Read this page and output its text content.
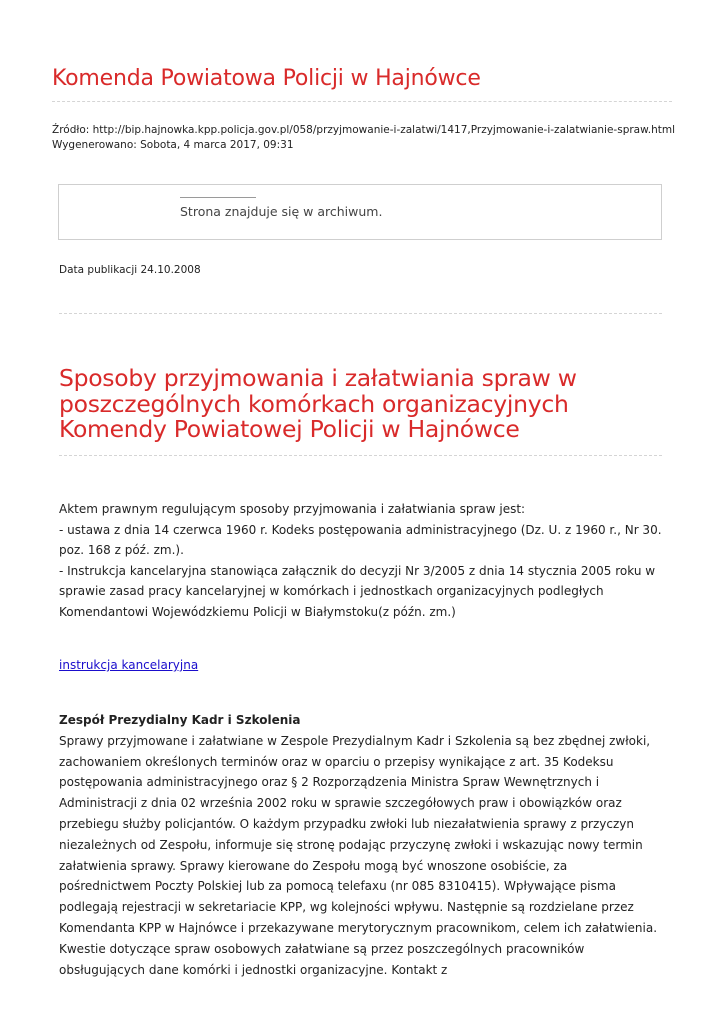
Komenda Powiatowa Policji w Hajnówce
Źródło: http://bip.hajnowka.kpp.policja.gov.pl/058/przyjmowanie-i-zalatwi/1417,Przyjmowanie-i-zalatwianie-spraw.html
Wygenerowano: Sobota, 4 marca 2017, 09:31
Strona znajduje się w archiwum.
Data publikacji 24.10.2008
Sposoby przyjmowania i załatwiania spraw w poszczególnych komórkach organizacyjnych Komendy Powiatowej Policji w Hajnówce

Aktem prawnym regulującym sposoby przyjmowania i załatwiania spraw jest:

- ustawa z dnia 14 czerwca 1960 r. Kodeks postępowania administracyjnego (Dz. U. z 1960 r., Nr 30. poz. 168 z póź. zm.).

- Instrukcja kancelaryjna stanowiąca załącznik do decyzji Nr 3/2005 z dnia 14 stycznia 2005 roku w sprawie zasad pracy kancelaryjnej w komórkach i jednostkach organizacyjnych podległych Komendantowi Wojewódzkiemu Policji w Białymstoku(z późn. zm.)

instrukcja kancelaryjna
Zespół Prezydialny Kadr i Szkolenia

Sprawy przyjmowane i załatwiane w Zespole Prezydialnym Kadr i Szkolenia są bez zbędnej zwłoki, zachowaniem określonych terminów oraz w oparciu o przepisy wynikające z art. 35 Kodeksu postępowania administracyjnego oraz § 2 Rozporządzenia Ministra Spraw Wewnętrznych i Administracji z dnia 02 września 2002 roku w sprawie szczegółowych praw i obowiązków oraz przebiegu służby policjantów. O każdym przypadku zwłoki lub niezałatwienia sprawy z przyczyn niezależnych od Zespołu, informuje się stronę podając przyczynę zwłoki i wskazując nowy termin załatwienia sprawy. Sprawy kierowane do Zespołu mogą być wnoszone osobiście, za pośrednictwem Poczty Polskiej lub za pomocą telefaxu (nr 085 8310415). Wpływające pisma podlegają rejestracji w sekretariacie KPP, wg kolejności wpływu. Następnie są rozdzielane przez Komendanta KPP w Hajnówce i przekazywane merytorycznym pracownikom, celem ich załatwienia. Kwestie dotyczące spraw osobowych załatwiane są przez poszczególnych pracowników obsługujących dane komórki i jednostki organizacyjne. Kontakt z
